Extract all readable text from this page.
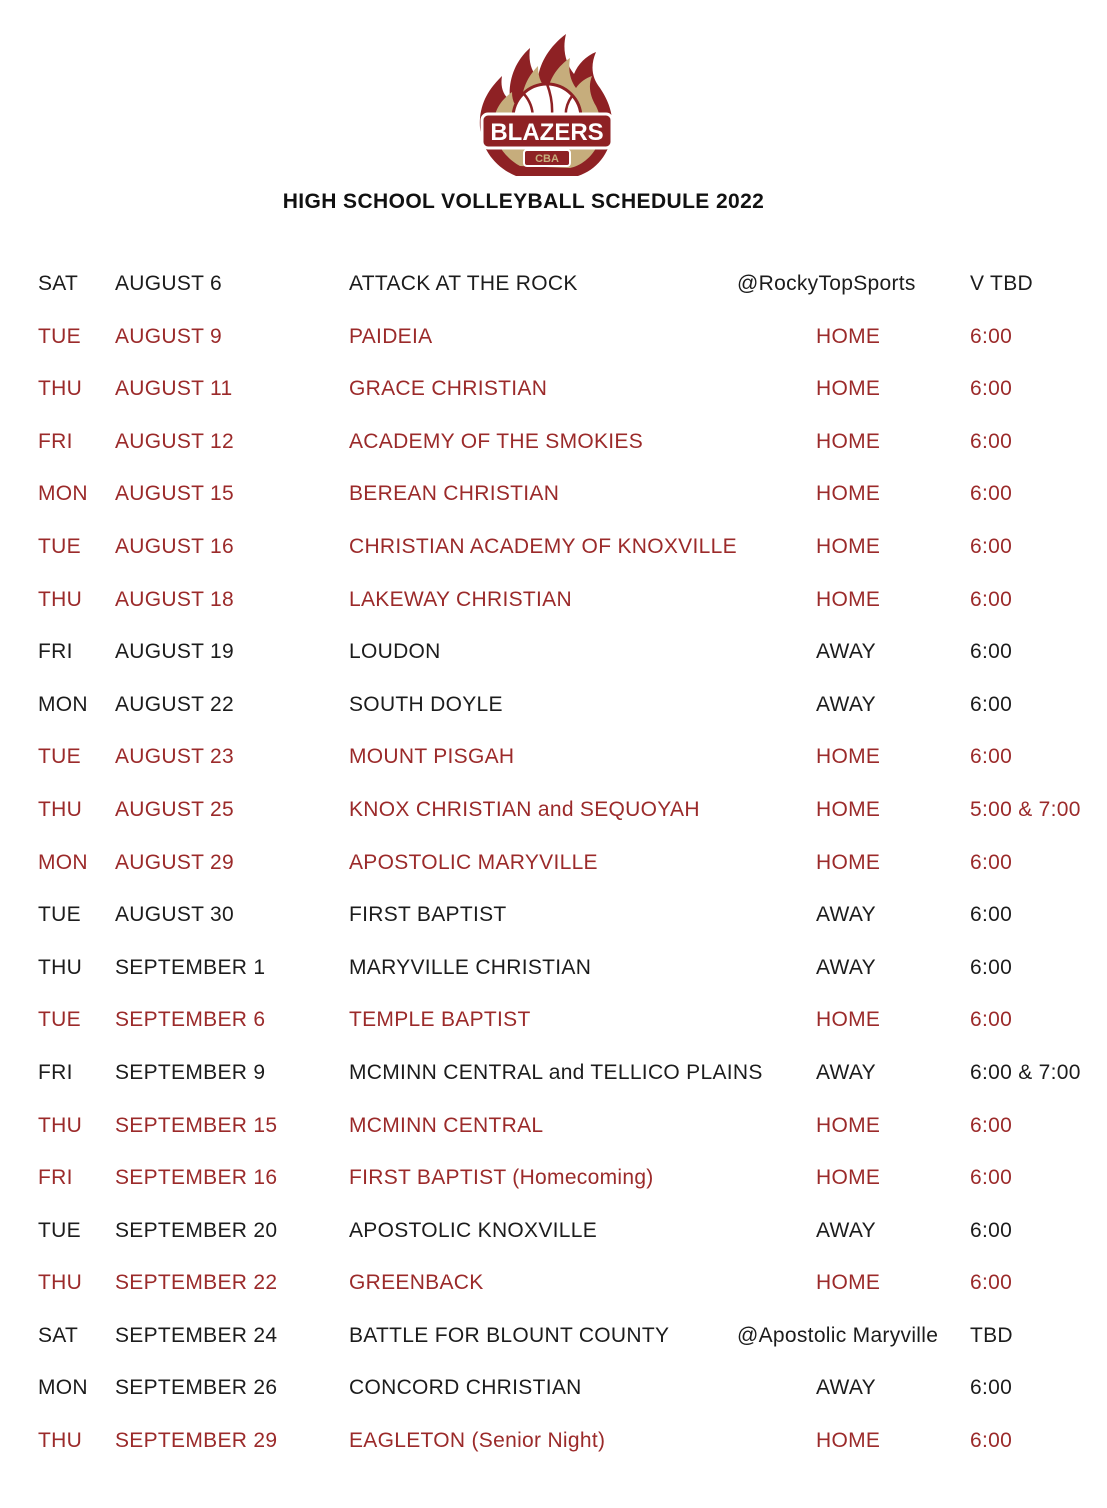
BLAZERS
CBA
HIGH SCHOOL VOLLEYBALL SCHEDULE 2022
SAT AUGUST 6	ATTACK AT THE ROCK	@RockyTopSports	V TBD
TUE AUGUST 9	PAIDEIA	HOME	6:00
THU AUGUST 11	GRACE CHRISTIAN	HOME	6:00
FRI AUGUST 12	ACADEMY OF THE SMOKIES	HOME	6:00
MON AUGUST 15	BEREAN CHRISTIAN	HOME	6:00
TUE AUGUST 16	CHRISTIAN ACADEMY OF KNOXVILLE	HOME	6:00
THU AUGUST 18	LAKEWAY CHRISTIAN	HOME	6:00
FRI AUGUST 19	LOUDON	AWAY	6:00
MON AUGUST 22	SOUTH DOYLE	AWAY	6:00
TUE AUGUST 23	MOUNT PISGAH	HOME	6:00
THU AUGUST 25	KNOX CHRISTIAN and SEQUOYAH	HOME	5:00 & 7:00
MON AUGUST 29	APOSTOLIC MARYVILLE	HOME	6:00
TUE AUGUST 30	FIRST BAPTIST	AWAY	6:00
THU SEPTEMBER 1	MARYVILLE CHRISTIAN	AWAY	6:00
TUE SEPTEMBER 6	TEMPLE BAPTIST	HOME	6:00
FRI SEPTEMBER 9	MCMINN CENTRAL and TELLICO PLAINS	AWAY	6:00 & 7:00
THU SEPTEMBER 15	MCMINN CENTRAL	HOME	6:00
FRI SEPTEMBER 16	FIRST BAPTIST (Homecoming)	HOME	6:00
TUE SEPTEMBER 20	APOSTOLIC KNOXVILLE	AWAY	6:00
THU SEPTEMBER 22	GREENBACK	HOME	6:00
SAT SEPTEMBER 24	BATTLE FOR BLOUNT COUNTY	@Apostolic Maryville TBD
MON SEPTEMBER 26	CONCORD CHRISTIAN	AWAY	6:00
THU SEPTEMBER 29	EAGLETON (Senior Night)	HOME	6:00
